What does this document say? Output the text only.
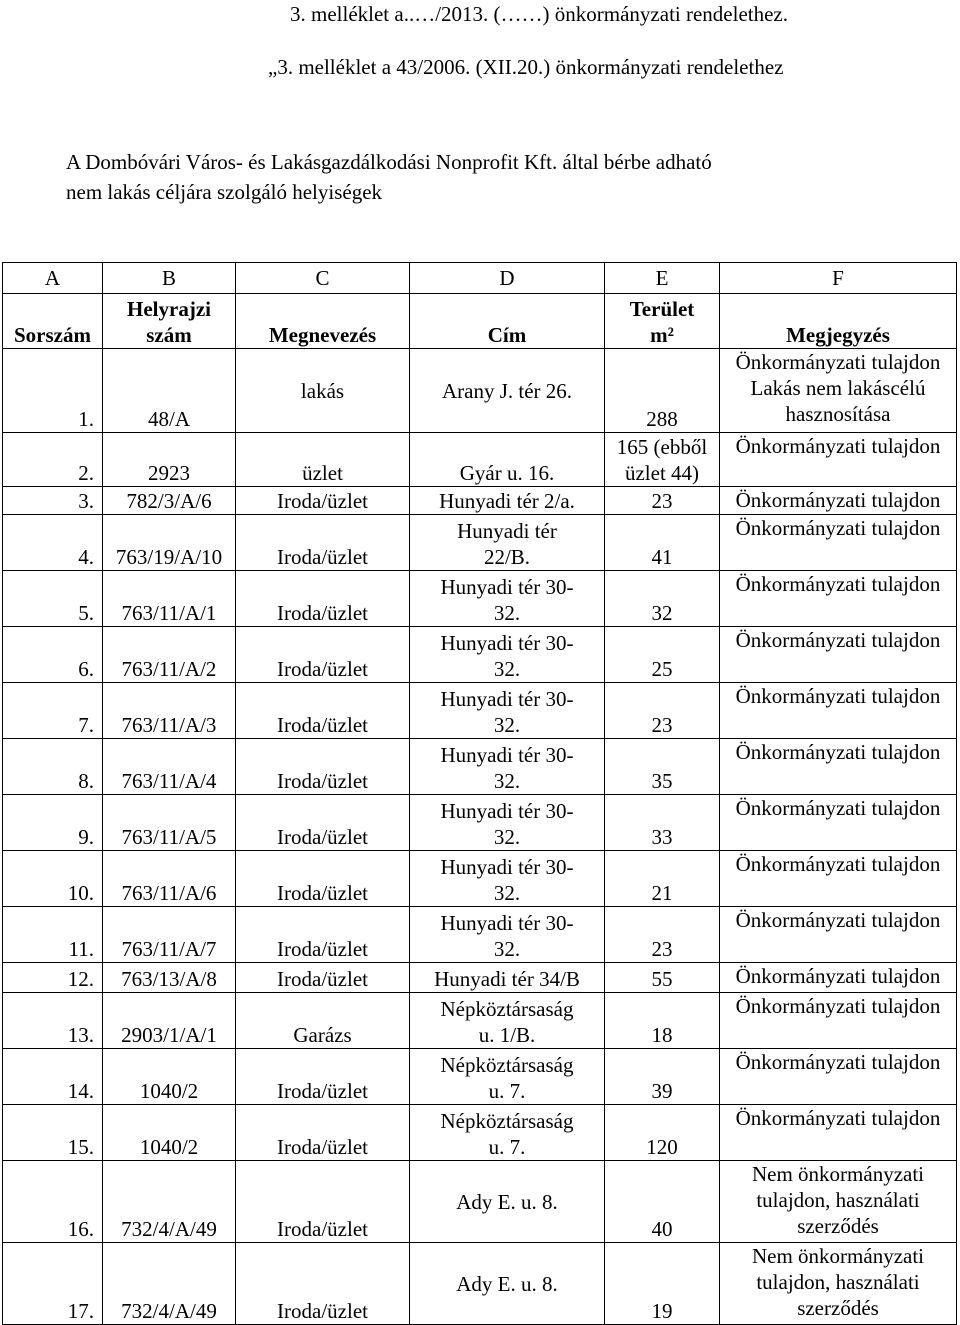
3. melléklet a..…/2013. (……) önkormányzati rendelethez.
„3. melléklet a 43/2006. (XII.20.) önkormányzati rendelethez
A Dombóvári Város- és Lakásgazdálkodási Nonprofit Kft. által bérbe adható
nem lakás céljára szolgáló helyiségek
A	B	C	D	E	F
Sorszám	Helyrajzi
szám	Megnevezés	Cím	Terület
m²	Megjegyzés
1.	48/A	lakás	Arany J. tér 26.	288	Önkormányzati tulajdon
Lakás nem lakáscélú
hasznosítása

2.	2923	üzlet	Gyár u. 16.	165 (ebből
üzlet 44)	Önkormányzati tulajdon

3.	782/3/A/6	Iroda/üzlet	Hunyadi tér 2/a.	23	Önkormányzati tulajdon

4.	763/19/A/10	Iroda/üzlet	Hunyadi tér
22/B.	41	Önkormányzati tulajdon

5.	763/11/A/1	Iroda/üzlet	Hunyadi tér 30-
32.	32	Önkormányzati tulajdon

6.	763/11/A/2	Iroda/üzlet	Hunyadi tér 30-
32.	25	Önkormányzati tulajdon

7.	763/11/A/3	Iroda/üzlet	Hunyadi tér 30-
32.	23	Önkormányzati tulajdon

8.	763/11/A/4	Iroda/üzlet	Hunyadi tér 30-
32.	35	Önkormányzati tulajdon

9.	763/11/A/5	Iroda/üzlet	Hunyadi tér 30-
32.	33	Önkormányzati tulajdon

10.	763/11/A/6	Iroda/üzlet	Hunyadi tér 30-
32.	21	Önkormányzati tulajdon

11.	763/11/A/7	Iroda/üzlet	Hunyadi tér 30-
32.	23	Önkormányzati tulajdon

12.	763/13/A/8	Iroda/üzlet	Hunyadi tér 34/B	55	Önkormányzati tulajdon

13.	2903/1/A/1	Garázs	Népköztársaság
u. 1/B.	18	Önkormányzati tulajdon

14.	1040/2	Iroda/üzlet	Népköztársaság
u. 7.	39	Önkormányzati tulajdon

15.	1040/2	Iroda/üzlet	Népköztársaság
u. 7.	120	Önkormányzati tulajdon

16.	732/4/A/49	Iroda/üzlet	Ady E. u. 8.	40	Nem önkormányzati
tulajdon, használati
szerződés

17.	732/4/A/49	Iroda/üzlet	Ady E. u. 8.	19	Nem önkormányzati
tulajdon, használati
szerződés
